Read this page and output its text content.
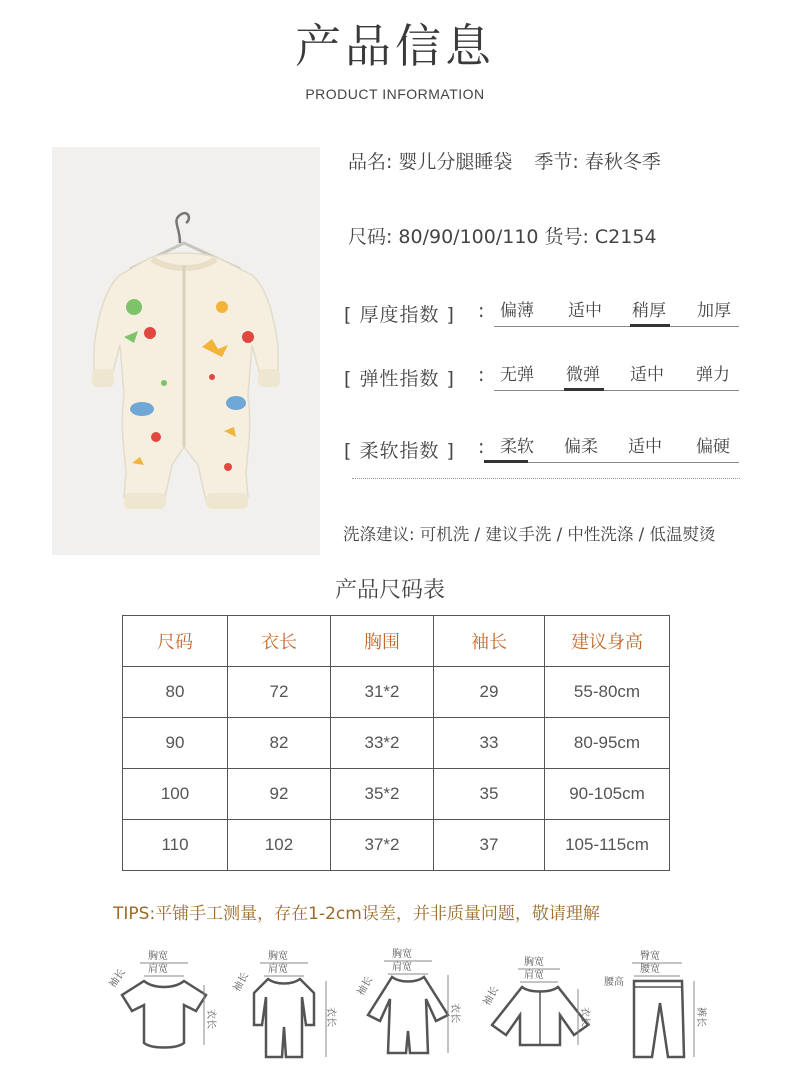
产品信息
PRODUCT INFORMATION
品名: 婴儿分腿睡袋 季节: 春秋冬季
尺码: 80/90/100/110 货号: C2154
[ 厚度指数 ] : 偏薄 适中 稍厚 加厚
[ 弹性指数 ] : 无弹 微弹 适中 弹力
[ 柔软指数 ] : 柔软 偏柔 适中 偏硬
洗涤建议: 可机洗 / 建议手洗 / 中性洗涤 / 低温熨烫
产品尺码表
尺码	衣长	胸围	袖长	建议身高
80	72	31*2	29	55-80cm
90	82	33*2	33	80-95cm
100	92	35*2	35	90-105cm
110	102	37*2	37	105-115cm
TIPS:平铺手工测量，存在1-2cm误差，并非质量问题，敬请理解
胸宽
肩宽
袖长
衣长
胸宽
肩宽
袖长
衣长
胸宽
肩宽
袖长
衣长
胸宽
肩宽
袖长
衣长
臀宽
腰宽
腰高
裤长
